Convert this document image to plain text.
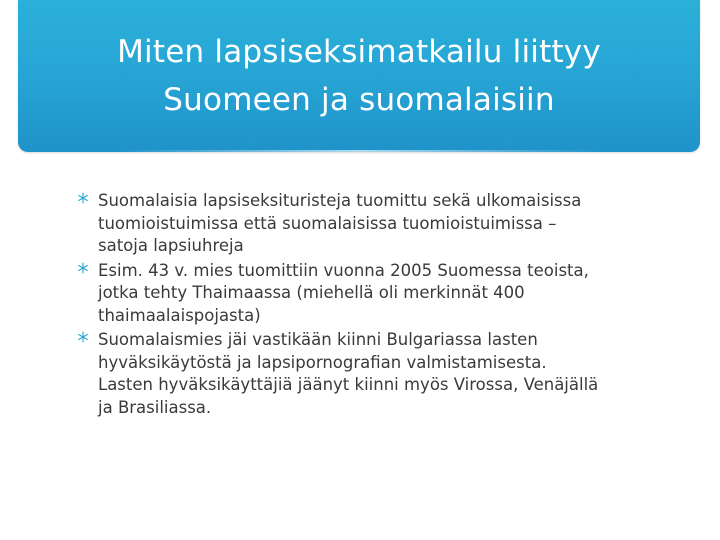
Miten lapsiseksimatkailu liittyy
Suomeen ja suomalaisiin
Suomalaisia lapsiseksituristeja tuomittu sekä ulkomaisissa
tuomioistuimissa että suomalaisissa tuomioistuimissa –
satoja lapsiuhreja
Esim. 43 v. mies tuomittiin vuonna 2005 Suomessa teoista,
jotka tehty Thaimaassa (miehellä oli merkinnät 400
thaimaalaispojasta)
Suomalaismies jäi vastikään kiinni Bulgariassa lasten
hyväksikäytöstä ja lapsipornografian valmistamisesta.
Lasten hyväksikäyttäjiä jäänyt kiinni myös Virossa, Venäjällä
ja Brasiliassa.
